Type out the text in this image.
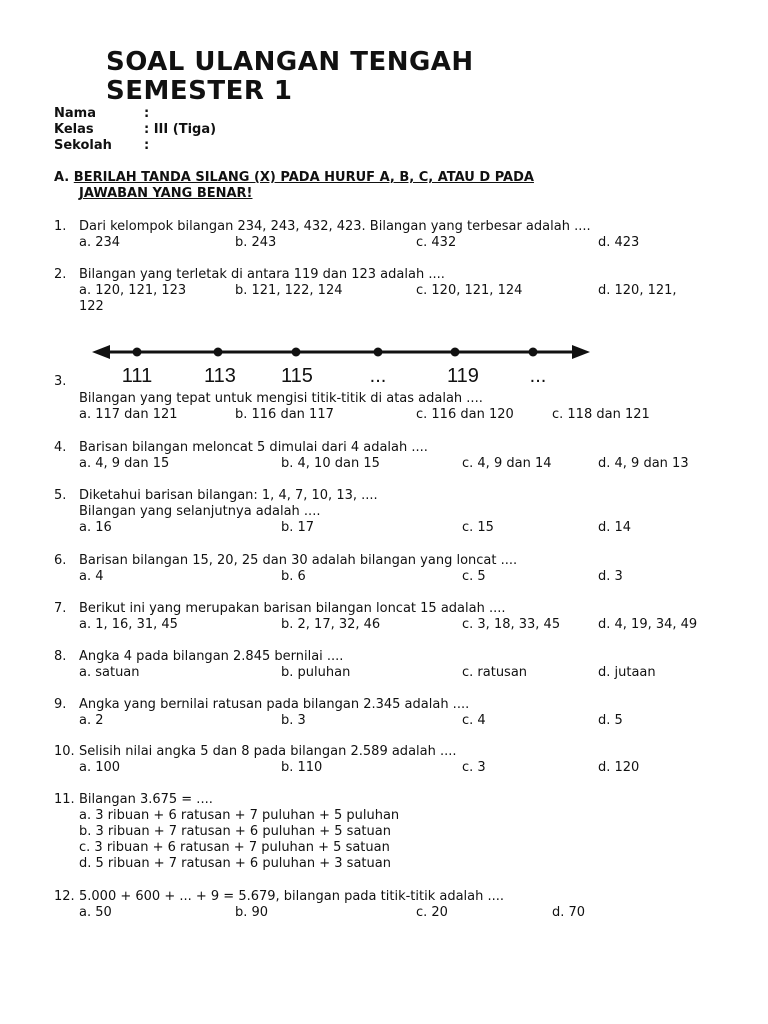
SOAL ULANGAN TENGAH
SEMESTER 1
Nama	:
Kelas	: III (Tiga)
Sekolah :
A. BERILAH TANDA SILANG (X) PADA HURUF A, B, C, ATAU D PADA
JAWABAN YANG BENAR!
1. Dari kelompok bilangan 234, 243, 432, 423. Bilangan yang terbesar adalah ....
a. 234	b. 243	c. 432	d. 423
2. Bilangan yang terletak di antara 119 dan 123 adalah ....
a. 120, 121, 123	b. 121, 122, 124	c. 120, 121, 124	d. 120, 121,
122
111	113 115	...	119	...
3.
Bilangan yang tepat untuk mengisi titik-titik di atas adalah ....
a. 117 dan 121	b. 116 dan 117	c. 116 dan 120	c. 118 dan 121
4. Barisan bilangan meloncat 5 dimulai dari 4 adalah ....
a. 4, 9 dan 15	b. 4, 10 dan 15	c. 4, 9 dan 14	d. 4, 9 dan 13
5. Diketahui barisan bilangan: 1, 4, 7, 10, 13, ....
Bilangan yang selanjutnya adalah ....
a. 16	b. 17	c. 15	d. 14
6. Barisan bilangan 15, 20, 25 dan 30 adalah bilangan yang loncat ....
a. 4	b. 6	c. 5	d. 3
7. Berikut ini yang merupakan barisan bilangan loncat 15 adalah ....
a. 1, 16, 31, 45	b. 2, 17, 32, 46	c. 3, 18, 33, 45	d. 4, 19, 34, 49
8. Angka 4 pada bilangan 2.845 bernilai ....
a. satuan	b. puluhan	c. ratusan	d. jutaan
9. Angka yang bernilai ratusan pada bilangan 2.345 adalah ....
a. 2	b. 3	c. 4	d. 5
10. Selisih nilai angka 5 dan 8 pada bilangan 2.589 adalah ....
a. 100	b. 110	c. 3	d. 120
11. Bilangan 3.675 = ....
a. 3 ribuan + 6 ratusan + 7 puluhan + 5 puluhan
b. 3 ribuan + 7 ratusan + 6 puluhan + 5 satuan
c. 3 ribuan + 6 ratusan + 7 puluhan + 5 satuan
d. 5 ribuan + 7 ratusan + 6 puluhan + 3 satuan
12. 5.000 + 600 + ... + 9 = 5.679, bilangan pada titik-titik adalah ....
a. 50	b. 90	c. 20	d. 70
